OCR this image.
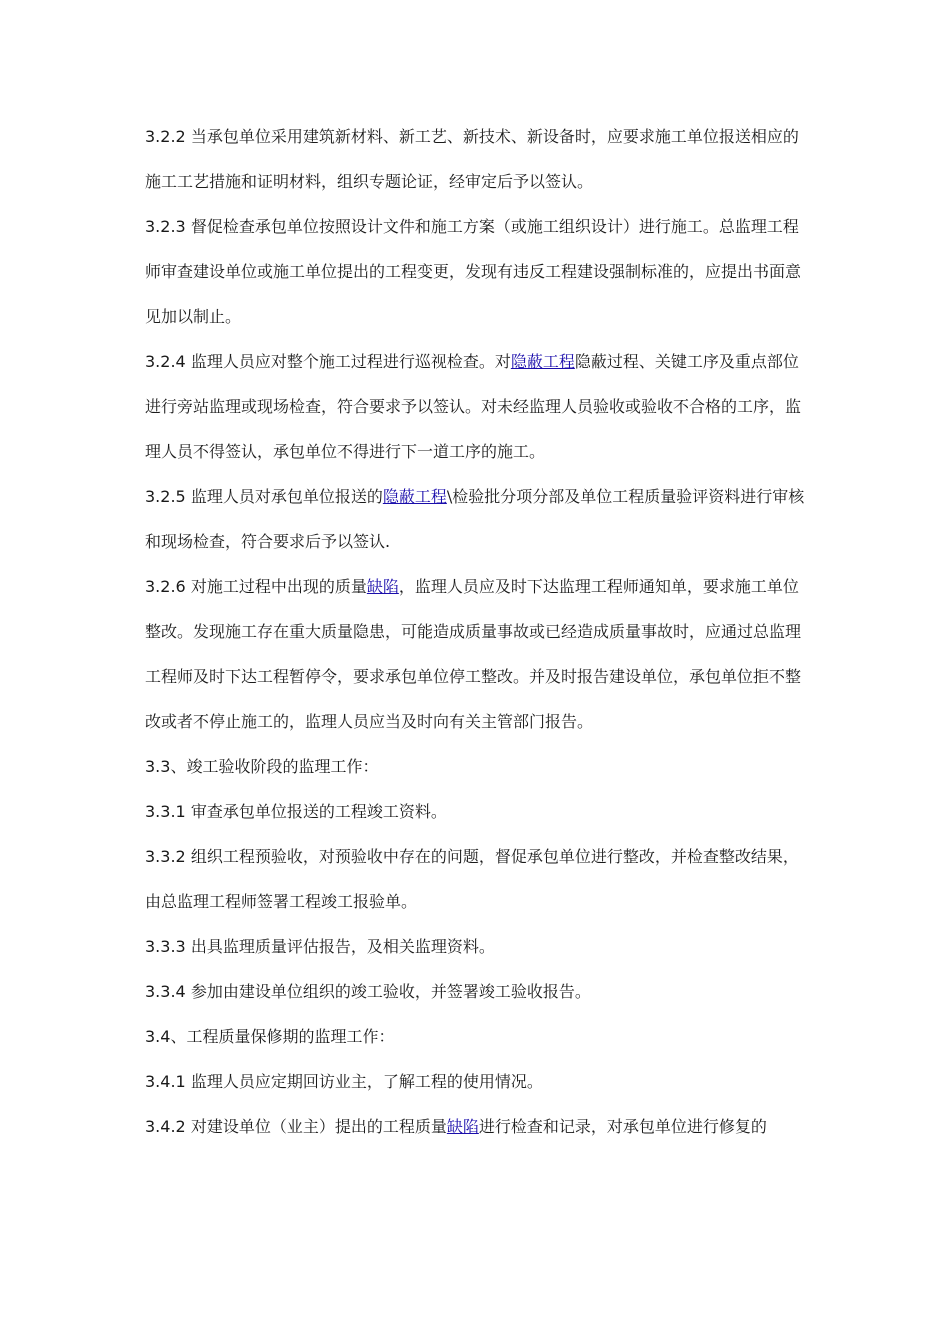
3.2.2 当承包单位采用建筑新材料、新工艺、新技术、新设备时，应要求施工单位报送相应的施工工艺措施和证明材料，组织专题论证，经审定后予以签认。

3.2.3 督促检查承包单位按照设计文件和施工方案（或施工组织设计）进行施工。总监理工程师审查建设单位或施工单位提出的工程变更，发现有违反工程建设强制标准的，应提出书面意见加以制止。

3.2.4 监理人员应对整个施工过程进行巡视检查。对隐蔽工程隐蔽过程、关键工序及重点部位进行旁站监理或现场检查，符合要求予以签认。对未经监理人员验收或验收不合格的工序，监理人员不得签认，承包单位不得进行下一道工序的施工。

3.2.5 监理人员对承包单位报送的隐蔽工程\检验批分项分部及单位工程质量验评资料进行审核和现场检查，符合要求后予以签认.

3.2.6 对施工过程中出现的质量缺陷，监理人员应及时下达监理工程师通知单，要求施工单位整改。发现施工存在重大质量隐患，可能造成质量事故或已经造成质量事故时，应通过总监理工程师及时下达工程暂停令，要求承包单位停工整改。并及时报告建设单位，承包单位拒不整改或者不停止施工的，监理人员应当及时向有关主管部门报告。

3.3、竣工验收阶段的监理工作：

3.3.1 审查承包单位报送的工程竣工资料。

3.3.2 组织工程预验收，对预验收中存在的问题，督促承包单位进行整改，并检查整改结果，由总监理工程师签署工程竣工报验单。

3.3.3 出具监理质量评估报告，及相关监理资料。

3.3.4 参加由建设单位组织的竣工验收，并签署竣工验收报告。

3.4、工程质量保修期的监理工作：

3.4.1 监理人员应定期回访业主，了解工程的使用情况。

3.4.2 对建设单位（业主）提出的工程质量缺陷进行检查和记录，对承包单位进行修复的
